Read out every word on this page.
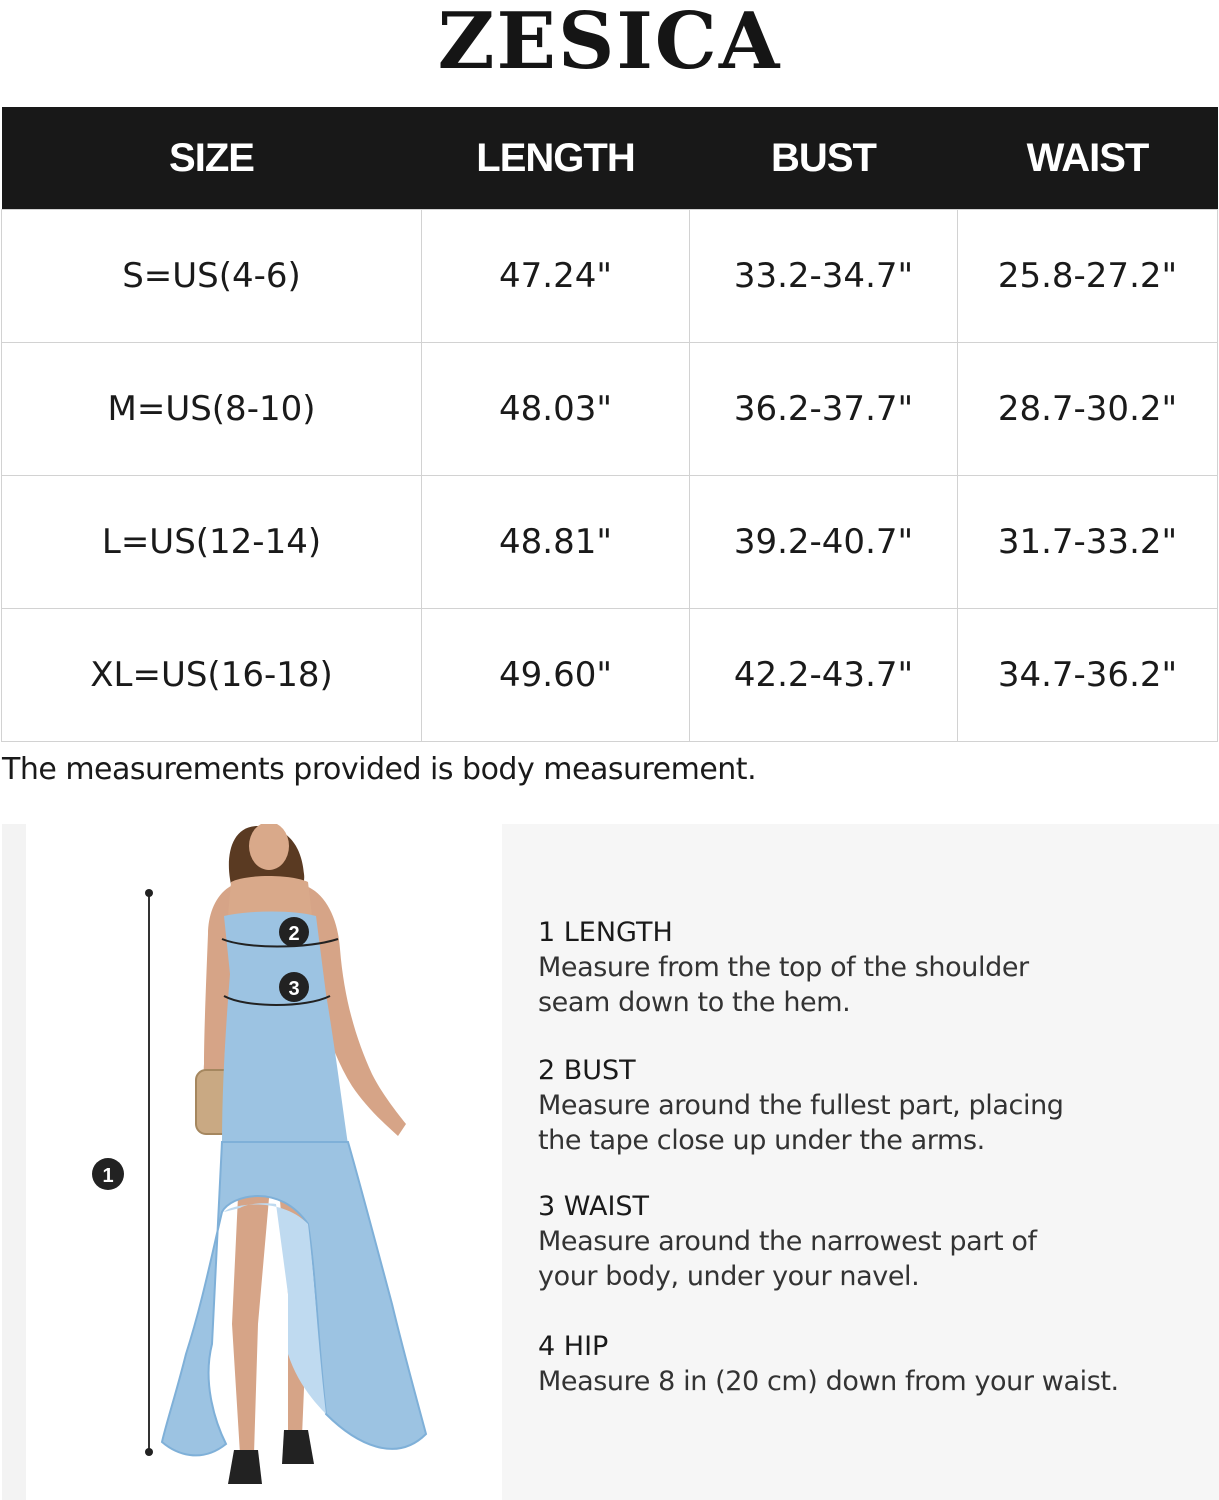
ZESICA
SIZE	LENGTH	BUST	WAIST
S=US(4-6)	47.24"	33.2-34.7"	25.8-27.2"
M=US(8-10)	48.03"	36.2-37.7"	28.7-30.2"
L=US(12-14)	48.81"	39.2-40.7"	31.7-33.2"
XL=US(16-18)	49.60"	42.2-43.7"	34.7-36.2"
The measurements provided is body measurement.
2
3
1
1 LENGTH
Measure from the top of the shoulder seam down to the hem.
2 BUST
Measure around the fullest part, placing the tape close up under the arms.
3 WAIST
Measure around the narrowest part of your body, under your navel.
4 HIP
Measure 8 in (20 cm) down from your waist.
